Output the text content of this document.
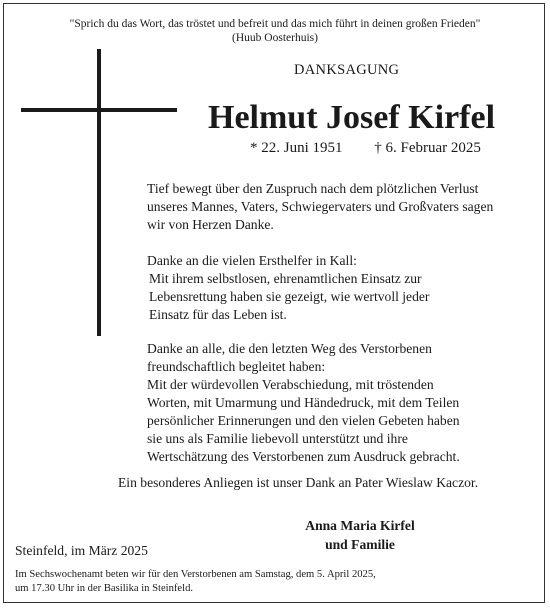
"Sprich du das Wort, das tröstet und befreit und das mich führt in deinen großen Frieden"
(Huub Oosterhuis)
DANKSAGUNG
Helmut Josef Kirfel
* 22. Juni 1951 † 6. Februar 2025
Tief bewegt über den Zuspruch nach dem plötzlichen Verlust
unseres Mannes, Vaters, Schwiegervaters und Großvaters sagen
wir von Herzen Danke.
Danke an die vielen Ersthelfer in Kall:
Mit ihrem selbstlosen, ehrenamtlichen Einsatz zur
Lebensrettung haben sie gezeigt, wie wertvoll jeder
Einsatz für das Leben ist.
Danke an alle, die den letzten Weg des Verstorbenen
freundschaftlich begleitet haben:
Mit der würdevollen Verabschiedung, mit tröstenden
Worten, mit Umarmung und Händedruck, mit dem Teilen
persönlicher Erinnerungen und den vielen Gebeten haben
sie uns als Familie liebevoll unterstützt und ihre
Wertschätzung des Verstorbenen zum Ausdruck gebracht.
Ein besonderes Anliegen ist unser Dank an Pater Wieslaw Kaczor.
Anna Maria Kirfel
und Familie
Steinfeld, im März 2025
Im Sechswochenamt beten wir für den Verstorbenen am Samstag, dem 5. April 2025,
um 17.30 Uhr in der Basilika in Steinfeld.
